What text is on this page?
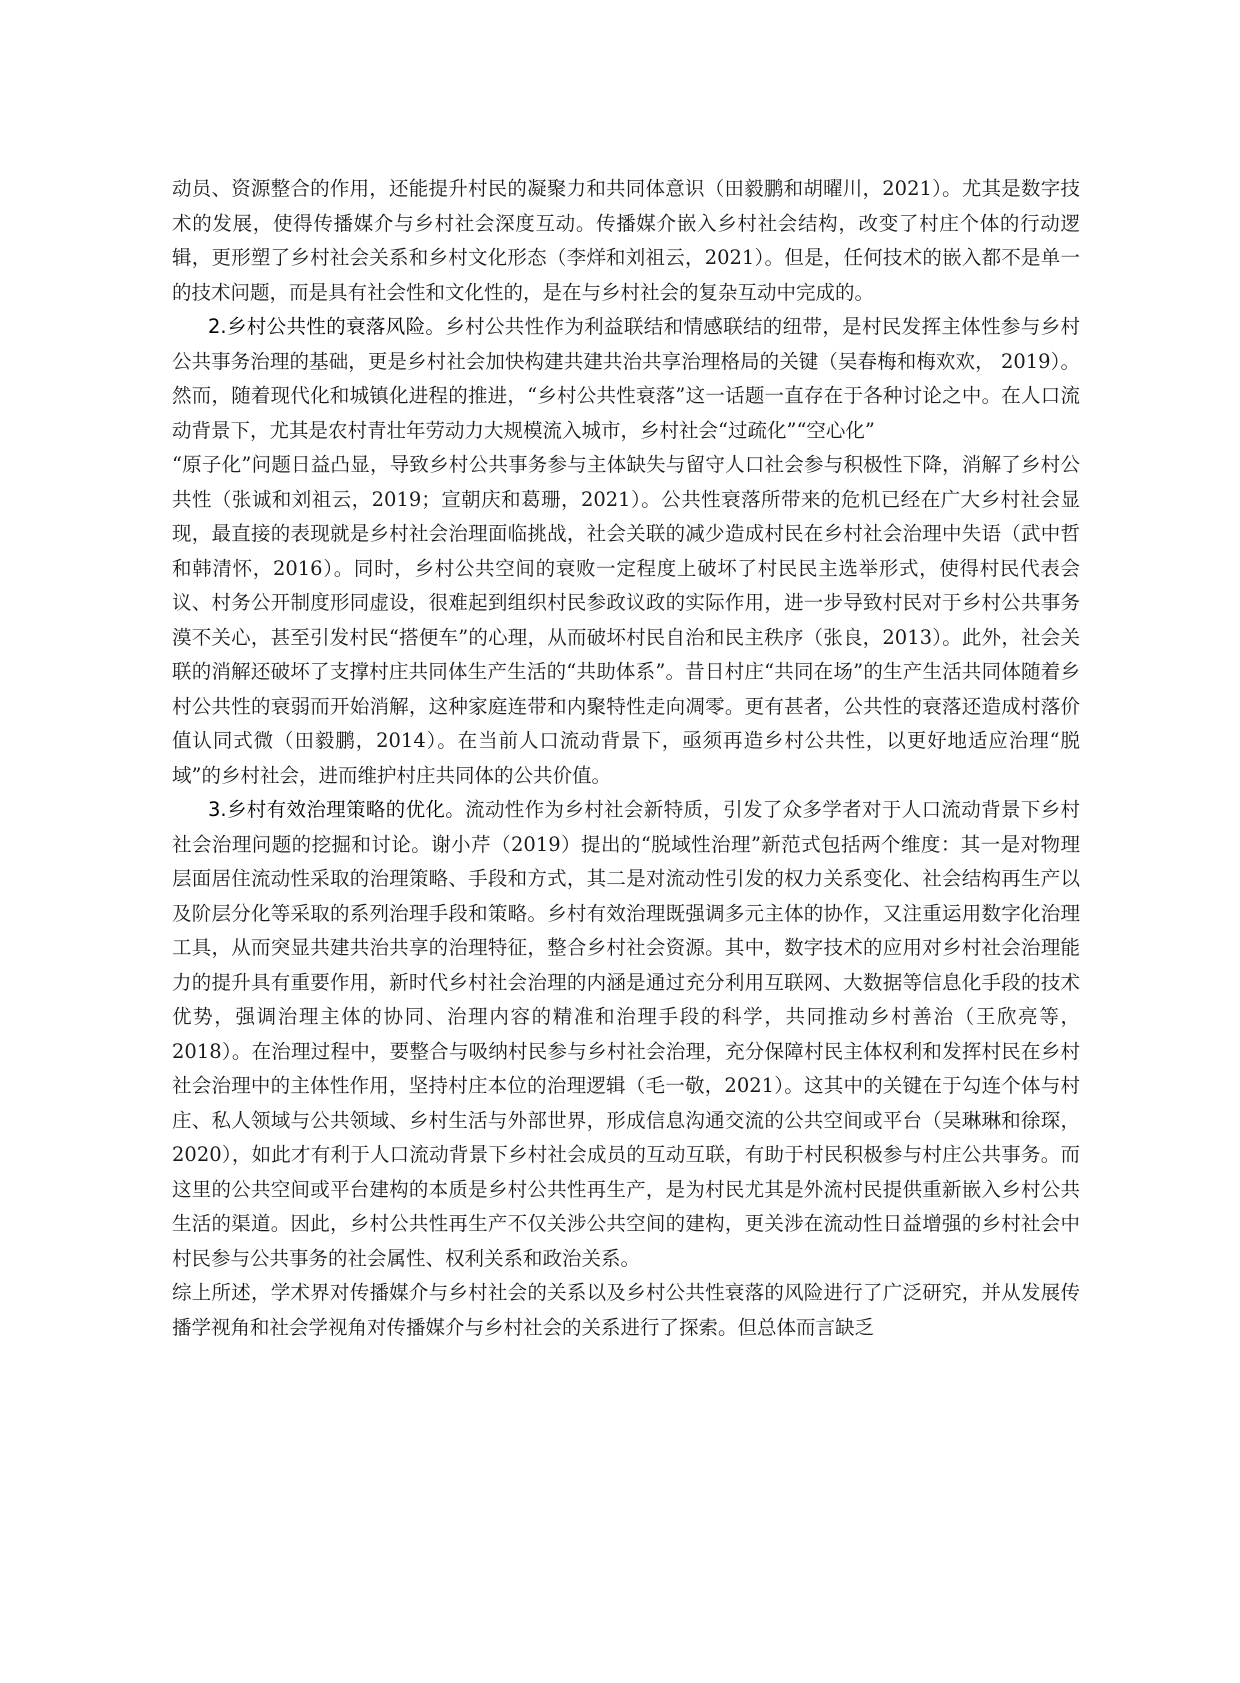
动员、资源整合的作用，还能提升村民的凝聚力和共同体意识（田毅鹏和胡曜川，2021）。尤其是数字技术的发展，使得传播媒介与乡村社会深度互动。传播媒介嵌入乡村社会结构，改变了村庄个体的行动逻辑，更形塑了乡村社会关系和乡村文化形态（李烊和刘祖云，2021）。但是，任何技术的嵌入都不是单一的技术问题，而是具有社会性和文化性的，是在与乡村社会的复杂互动中完成的。

2.乡村公共性的衰落风险。乡村公共性作为利益联结和情感联结的纽带，是村民发挥主体性参与乡村公共事务治理的基础，更是乡村社会加快构建共建共治共享治理格局的关键（吴春梅和梅欢欢， 2019）。然而，随着现代化和城镇化进程的推进，“乡村公共性衰落”这一话题一直存在于各种讨论之中。在人口流动背景下，尤其是农村青壮年劳动力大规模流入城市，乡村社会“过疏化”“空心化”

“原子化”问题日益凸显，导致乡村公共事务参与主体缺失与留守人口社会参与积极性下降，消解了乡村公共性（张诚和刘祖云，2019；宣朝庆和葛珊，2021）。公共性衰落所带来的危机已经在广大乡村社会显现，最直接的表现就是乡村社会治理面临挑战，社会关联的减少造成村民在乡村社会治理中失语（武中哲和韩清怀，2016）。同时，乡村公共空间的衰败一定程度上破坏了村民民主选举形式，使得村民代表会议、村务公开制度形同虚设，很难起到组织村民参政议政的实际作用，进一步导致村民对于乡村公共事务漠不关心，甚至引发村民“搭便车”的心理，从而破坏村民自治和民主秩序（张良，2013）。此外，社会关联的消解还破坏了支撑村庄共同体生产生活的“共助体系”。昔日村庄“共同在场”的生产生活共同体随着乡村公共性的衰弱而开始消解，这种家庭连带和内聚特性走向凋零。更有甚者，公共性的衰落还造成村落价值认同式微（田毅鹏，2014）。在当前人口流动背景下，亟须再造乡村公共性，以更好地适应治理“脱域”的乡村社会，进而维护村庄共同体的公共价值。

3.乡村有效治理策略的优化。流动性作为乡村社会新特质，引发了众多学者对于人口流动背景下乡村社会治理问题的挖掘和讨论。谢小芹（2019）提出的“脱域性治理”新范式包括两个维度：其一是对物理层面居住流动性采取的治理策略、手段和方式，其二是对流动性引发的权力关系变化、社会结构再生产以及阶层分化等采取的系列治理手段和策略。乡村有效治理既强调多元主体的协作，又注重运用数字化治理工具，从而突显共建共治共享的治理特征，整合乡村社会资源。其中，数字技术的应用对乡村社会治理能力的提升具有重要作用，新时代乡村社会治理的内涵是通过充分利用互联网、大数据等信息化手段的技术优势，强调治理主体的协同、治理内容的精准和治理手段的科学，共同推动乡村善治（王欣亮等，2018）。在治理过程中，要整合与吸纳村民参与乡村社会治理，充分保障村民主体权利和发挥村民在乡村社会治理中的主体性作用，坚持村庄本位的治理逻辑（毛一敬，2021）。这其中的关键在于勾连个体与村庄、私人领域与公共领域、乡村生活与外部世界，形成信息沟通交流的公共空间或平台（吴琳琳和徐琛，2020），如此才有利于人口流动背景下乡村社会成员的互动互联，有助于村民积极参与村庄公共事务。而这里的公共空间或平台建构的本质是乡村公共性再生产，是为村民尤其是外流村民提供重新嵌入乡村公共生活的渠道。因此，乡村公共性再生产不仅关涉公共空间的建构，更关涉在流动性日益增强的乡村社会中村民参与公共事务的社会属性、权利关系和政治关系。

综上所述，学术界对传播媒介与乡村社会的关系以及乡村公共性衰落的风险进行了广泛研究，并从发展传播学视角和社会学视角对传播媒介与乡村社会的关系进行了探索。但总体而言缺乏
